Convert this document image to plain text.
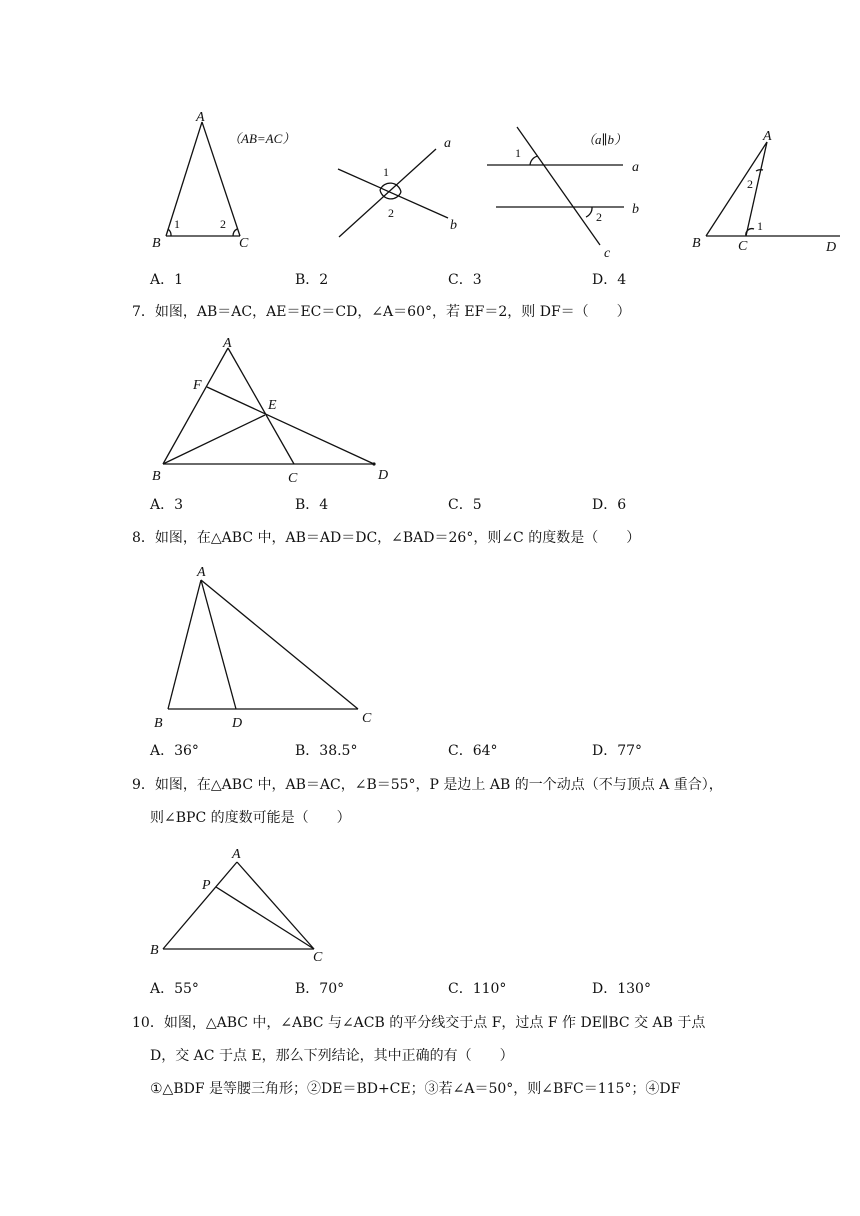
A
B	C
1	2
（AB=AC）
1
2
a
b
1
2
a
b
c
（a∥b）	A
B	C	D
1
2
A．1	B．2	C．3	D．4
7．如图，AB＝AC，AE＝EC＝CD，∠A＝60°，若 EF＝2，则 DF＝（　　）
A
F
E
B	C	D
A．3	B．4	C．5	D．6
8．如图，在△ABC 中，AB＝AD＝DC，∠BAD＝26°，则∠C 的度数是（　　）
A
B	D	C
A．36°	B．38.5°	C．64°	D．77°
9．如图，在△ABC 中，AB＝AC，∠B＝55°，P 是边上 AB 的一个动点（不与顶点 A 重合），
则∠BPC 的度数可能是（　　）
A
P
B	C
A．55°	B．70°	C．110°	D．130°
10．如图，△ABC 中，∠ABC 与∠ACB 的平分线交于点 F，过点 F 作 DE∥BC 交 AB 于点
D，交 AC 于点 E，那么下列结论，其中正确的有（　　）
①△BDF 是等腰三角形；②DE＝BD+CE；③若∠A＝50°，则∠BFC＝115°；④DF
